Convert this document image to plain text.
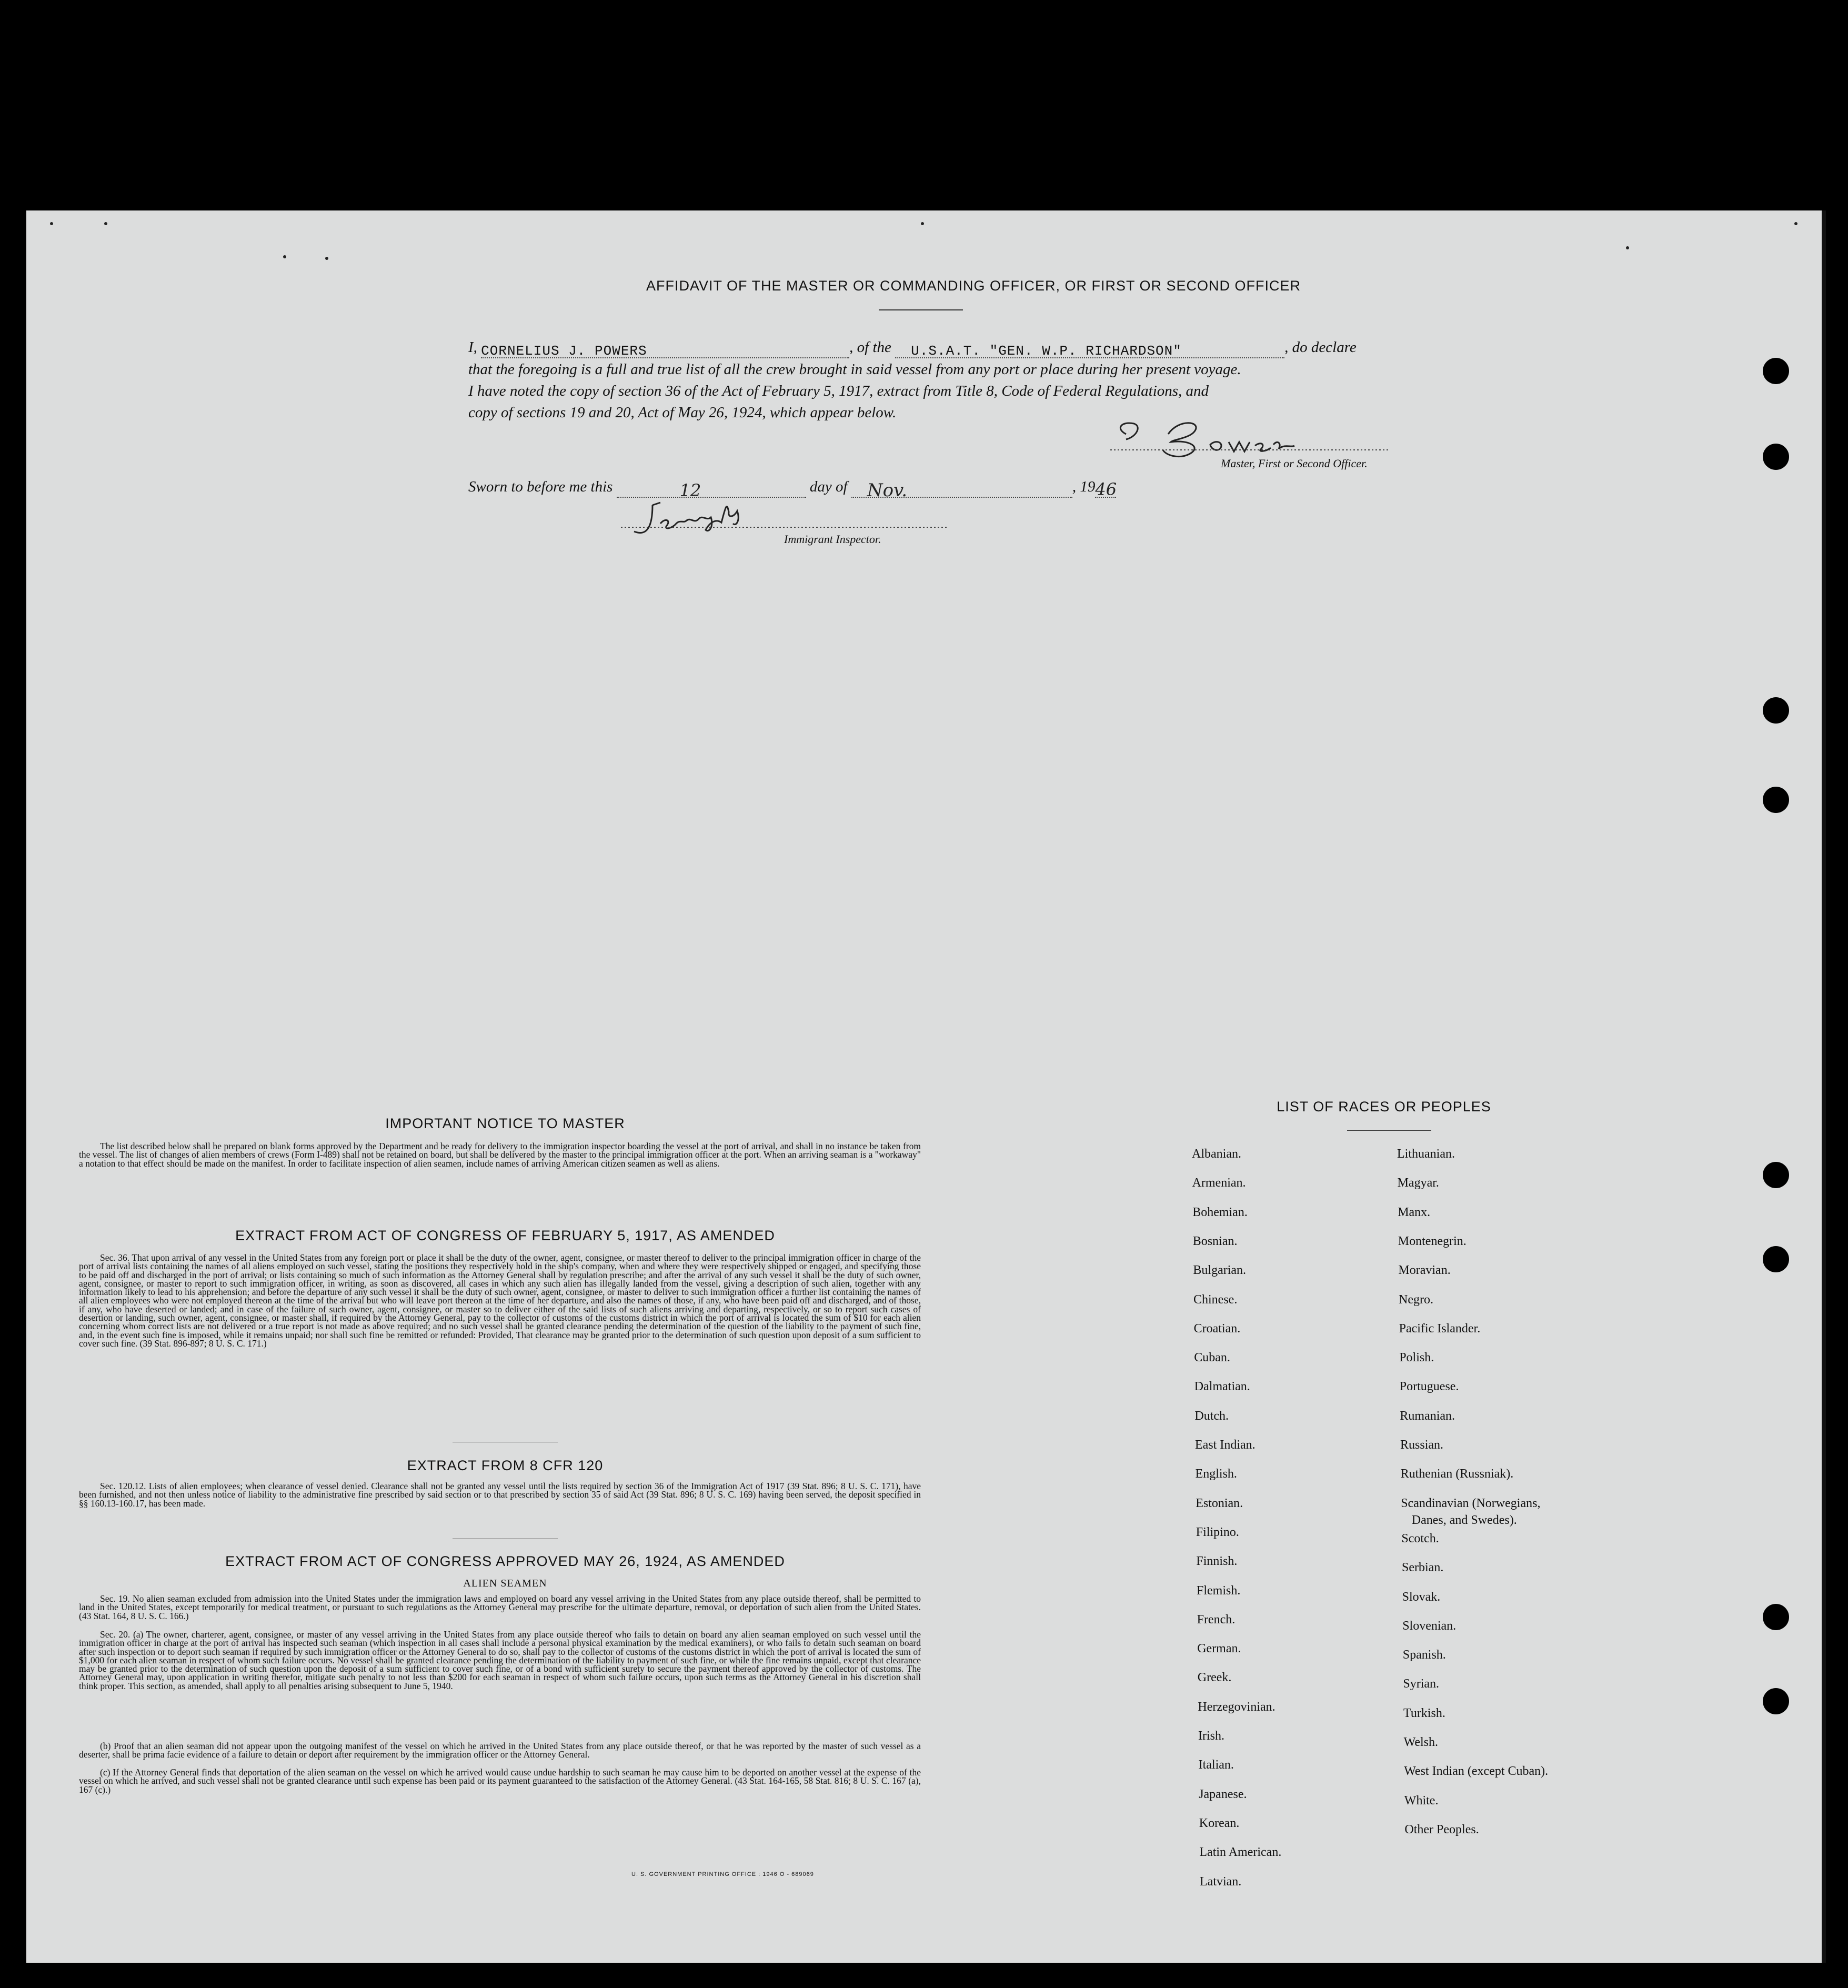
AFFIDAVIT OF THE MASTER OR COMMANDING OFFICER, OR FIRST OR SECOND OFFICER
I, CORNELIUS J. POWERS	, of the U.S.A.T. "GEN. W.P. RICHARDSON"	, do declare
that the foregoing is a full and true list of all the crew brought in said vessel from any port or place during her present voyage.
I have noted the copy of section 36 of the Act of February 5, 1917, extract from Title 8, Code of Federal Regulations, and
copy of sections 19 and 20, Act of May 26, 1924, which appear below.
Master, First or Second Officer.
Sworn to before me this	12	day of Nov.	, 1946
Immigrant Inspector.
IMPORTANT NOTICE TO MASTER
The list described below shall be prepared on blank forms approved by the Department and be ready for delivery to the immigration inspector boarding the vessel at the port of arrival, and shall in no instance be taken from the vessel. The list of changes of alien members of crews (Form I-489) shall not be retained on board, but shall be delivered by the master to the principal immigration officer at the port. When an arriving seaman is a "workaway" a notation to that effect should be made on the manifest. In order to facilitate inspection of alien seamen, include names of arriving American citizen seamen as well as aliens.
EXTRACT FROM ACT OF CONGRESS OF FEBRUARY 5, 1917, AS AMENDED
Sec. 36. That upon arrival of any vessel in the United States from any foreign port or place it shall be the duty of the owner, agent, consignee, or master thereof to deliver to the principal immigration officer in charge of the port of arrival lists containing the names of all aliens employed on such vessel, stating the positions they respectively hold in the ship's company, when and where they were respectively shipped or engaged, and specifying those to be paid off and discharged in the port of arrival; or lists containing so much of such information as the Attorney General shall by regulation prescribe; and after the arrival of any such vessel it shall be the duty of such owner, agent, consignee, or master to report to such immigration officer, in writing, as soon as discovered, all cases in which any such alien has illegally landed from the vessel, giving a description of such alien, together with any information likely to lead to his apprehension; and before the departure of any such vessel it shall be the duty of such owner, agent, consignee, or master to deliver to such immigration officer a further list containing the names of all alien employees who were not employed thereon at the time of the arrival but who will leave port thereon at the time of her departure, and also the names of those, if any, who have been paid off and discharged, and of those, if any, who have deserted or landed; and in case of the failure of such owner, agent, consignee, or master so to deliver either of the said lists of such aliens arriving and departing, respectively, or so to report such cases of desertion or landing, such owner, agent, consignee, or master shall, if required by the Attorney General, pay to the collector of customs of the customs district in which the port of arrival is located the sum of $10 for each alien concerning whom correct lists are not delivered or a true report is not made as above required; and no such vessel shall be granted clearance pending the determination of the question of the liability to the payment of such fine, and, in the event such fine is imposed, while it remains unpaid; nor shall such fine be remitted or refunded: Provided, That clearance may be granted prior to the determination of such question upon deposit of a sum sufficient to cover such fine. (39 Stat. 896-897; 8 U. S. C. 171.)
EXTRACT FROM 8 CFR 120
Sec. 120.12. Lists of alien employees; when clearance of vessel denied. Clearance shall not be granted any vessel until the lists required by section 36 of the Immigration Act of 1917 (39 Stat. 896; 8 U. S. C. 171), have been furnished, and not then unless notice of liability to the administrative fine prescribed by said section or to that prescribed by section 35 of said Act (39 Stat. 896; 8 U. S. C. 169) having been served, the deposit specified in §§ 160.13-160.17, has been made.
EXTRACT FROM ACT OF CONGRESS APPROVED MAY 26, 1924, AS AMENDED
ALIEN SEAMEN
Sec. 19. No alien seaman excluded from admission into the United States under the immigration laws and employed on board any vessel arriving in the United States from any place outside thereof, shall be permitted to land in the United States, except temporarily for medical treatment, or pursuant to such regulations as the Attorney General may prescribe for the ultimate departure, removal, or deportation of such alien from the United States. (43 Stat. 164, 8 U. S. C. 166.)
Sec. 20. (a) The owner, charterer, agent, consignee, or master of any vessel arriving in the United States from any place outside thereof who fails to detain on board any alien seaman employed on such vessel until the immigration officer in charge at the port of arrival has inspected such seaman (which inspection in all cases shall include a personal physical examination by the medical examiners), or who fails to detain such seaman on board after such inspection or to deport such seaman if required by such immigration officer or the Attorney General to do so, shall pay to the collector of customs of the customs district in which the port of arrival is located the sum of $1,000 for each alien seaman in respect of whom such failure occurs. No vessel shall be granted clearance pending the determination of the liability to payment of such fine, or while the fine remains unpaid, except that clearance may be granted prior to the determination of such question upon the deposit of a sum sufficient to cover such fine, or of a bond with sufficient surety to secure the payment thereof approved by the collector of customs. The Attorney General may, upon application in writing therefor, mitigate such penalty to not less than $200 for each seaman in respect of whom such failure occurs, upon such terms as the Attorney General in his discretion shall think proper. This section, as amended, shall apply to all penalties arising subsequent to June 5, 1940.
(b) Proof that an alien seaman did not appear upon the outgoing manifest of the vessel on which he arrived in the United States from any place outside thereof, or that he was reported by the master of such vessel as a deserter, shall be prima facie evidence of a failure to detain or deport after requirement by the immigration officer or the Attorney General.
(c) If the Attorney General finds that deportation of the alien seaman on the vessel on which he arrived would cause undue hardship to such seaman he may cause him to be deported on another vessel at the expense of the vessel on which he arrived, and such vessel shall not be granted clearance until such expense has been paid or its payment guaranteed to the satisfaction of the Attorney General. (43 Stat. 164-165, 58 Stat. 816; 8 U. S. C. 167 (a), 167 (c).)
U. S. GOVERNMENT PRINTING OFFICE : 1946 O - 689069
LIST OF RACES OR PEOPLES
Albanian.
Armenian.
Bohemian.
Bosnian.
Bulgarian.
Chinese.
Croatian.
Cuban.
Dalmatian.
Dutch.
East Indian.
English.
Estonian.
Filipino.
Finnish.
Flemish.
French.
German.
Greek.
Herzegovinian.
Irish.
Italian.
Japanese.
Korean.
Latin American.
Latvian.
Lithuanian.
Magyar.
Manx.
Montenegrin.
Moravian.
Negro.
Pacific Islander.
Polish.
Portuguese.
Rumanian.
Russian.
Ruthenian (Russniak).
Scandinavian (Norwegians,
Danes, and Swedes).
Scotch.
Serbian.
Slovak.
Slovenian.
Spanish.
Syrian.
Turkish.
Welsh.
West Indian (except Cuban).
White.
Other Peoples.
